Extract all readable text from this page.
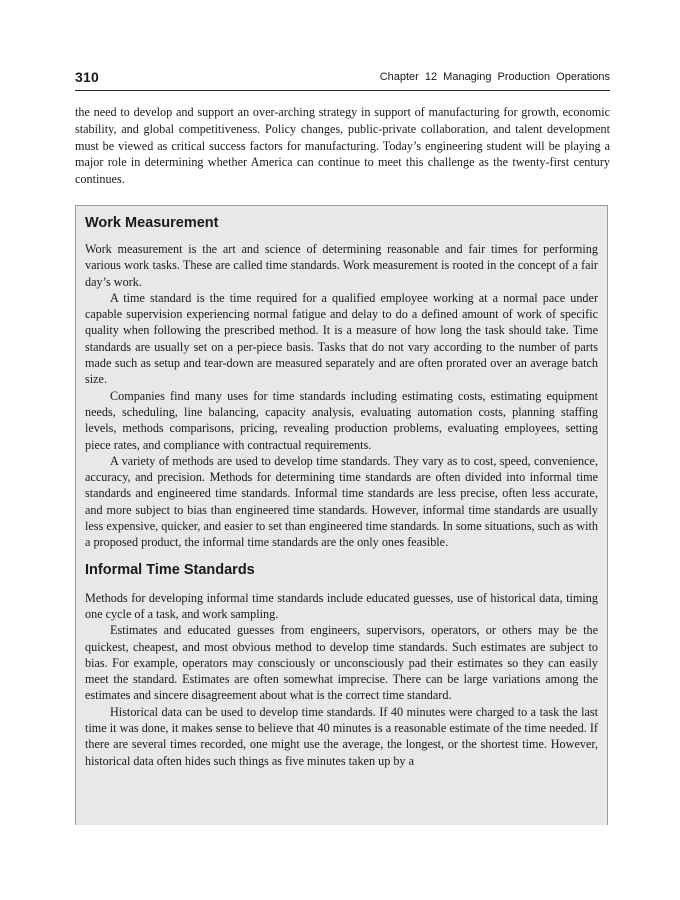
310	Chapter 12 Managing Production Operations

the need to develop and support an over-arching strategy in support of manufacturing for growth, economic stability, and global competitiveness. Policy changes, public-private collaboration, and talent development must be viewed as critical success factors for manufacturing. Today’s engineering student will be playing a major role in determining whether America can continue to meet this challenge as the twenty-first century continues.

Work Measurement

Work measurement is the art and science of determining reasonable and fair times for performing various work tasks. These are called time standards. Work measurement is rooted in the concept of a fair day’s work.

A time standard is the time required for a qualified employee working at a normal pace under capable supervision experiencing normal fatigue and delay to do a defined amount of work of specific quality when following the prescribed method. It is a measure of how long the task should take. Time standards are usually set on a per-piece basis. Tasks that do not vary according to the number of parts made such as setup and tear-down are measured separately and are often prorated over an average batch size.

Companies find many uses for time standards including estimating costs, estimating equipment needs, scheduling, line balancing, capacity analysis, evaluating automation costs, planning staffing levels, methods comparisons, pricing, revealing production problems, evaluating employees, setting piece rates, and compliance with contractual requirements.

A variety of methods are used to develop time standards. They vary as to cost, speed, convenience, accuracy, and precision. Methods for determining time standards are often divided into informal time standards and engineered time standards. Informal time standards are less precise, often less accurate, and more subject to bias than engineered time standards. However, informal time standards are usually less expensive, quicker, and easier to set than engineered time standards. In some situations, such as with a proposed product, the informal time standards are the only ones feasible.

Informal Time Standards

Methods for developing informal time standards include educated guesses, use of historical data, timing one cycle of a task, and work sampling.

Estimates and educated guesses from engineers, supervisors, operators, or others may be the quickest, cheapest, and most obvious method to develop time standards. Such estimates are subject to bias. For example, operators may consciously or unconsciously pad their estimates so they can easily meet the standard. Estimates are often somewhat imprecise. There can be large variations among the estimates and sincere disagreement about what is the correct time standard.

Historical data can be used to develop time standards. If 40 minutes were charged to a task the last time it was done, it makes sense to believe that 40 minutes is a reasonable estimate of the time needed. If there are several times recorded, one might use the average, the longest, or the shortest time. However, historical data often hides such things as five minutes taken up by a
